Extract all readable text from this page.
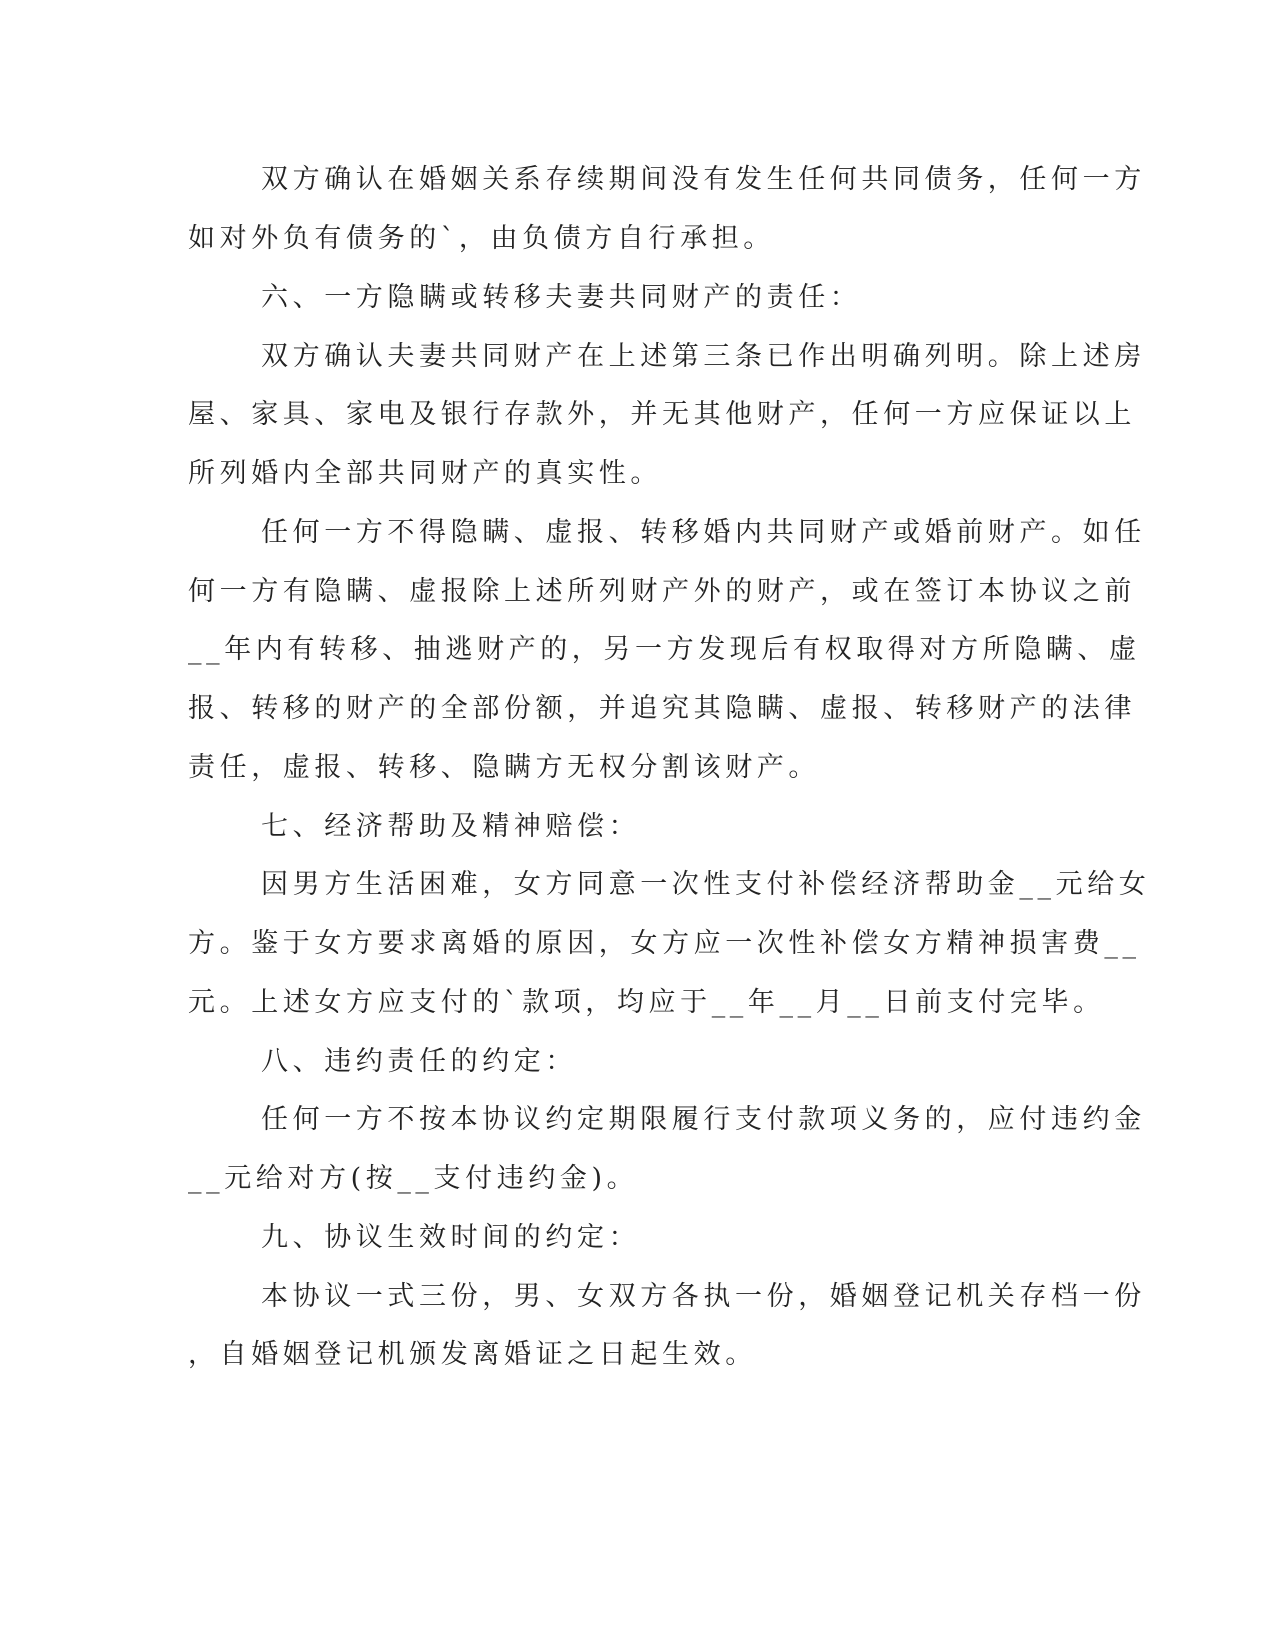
双方确认在婚姻关系存续期间没有发生任何共同债务，任何一方
如对外负有债务的`，由负债方自行承担。
六、一方隐瞒或转移夫妻共同财产的责任：
双方确认夫妻共同财产在上述第三条已作出明确列明。除上述房
屋、家具、家电及银行存款外，并无其他财产，任何一方应保证以上
所列婚内全部共同财产的真实性。
任何一方不得隐瞒、虚报、转移婚内共同财产或婚前财产。如任
何一方有隐瞒、虚报除上述所列财产外的财产，或在签订本协议之前
__年内有转移、抽逃财产的，另一方发现后有权取得对方所隐瞒、虚
报、转移的财产的全部份额，并追究其隐瞒、虚报、转移财产的法律
责任，虚报、转移、隐瞒方无权分割该财产。
七、经济帮助及精神赔偿：
因男方生活困难，女方同意一次性支付补偿经济帮助金__元给女
方。鉴于女方要求离婚的原因，女方应一次性补偿女方精神损害费__
元。上述女方应支付的`款项，均应于__年__月__日前支付完毕。
八、违约责任的约定：
任何一方不按本协议约定期限履行支付款项义务的，应付违约金
__元给对方(按__支付违约金)。
九、协议生效时间的约定：
本协议一式三份，男、女双方各执一份，婚姻登记机关存档一份
，自婚姻登记机颁发离婚证之日起生效。
